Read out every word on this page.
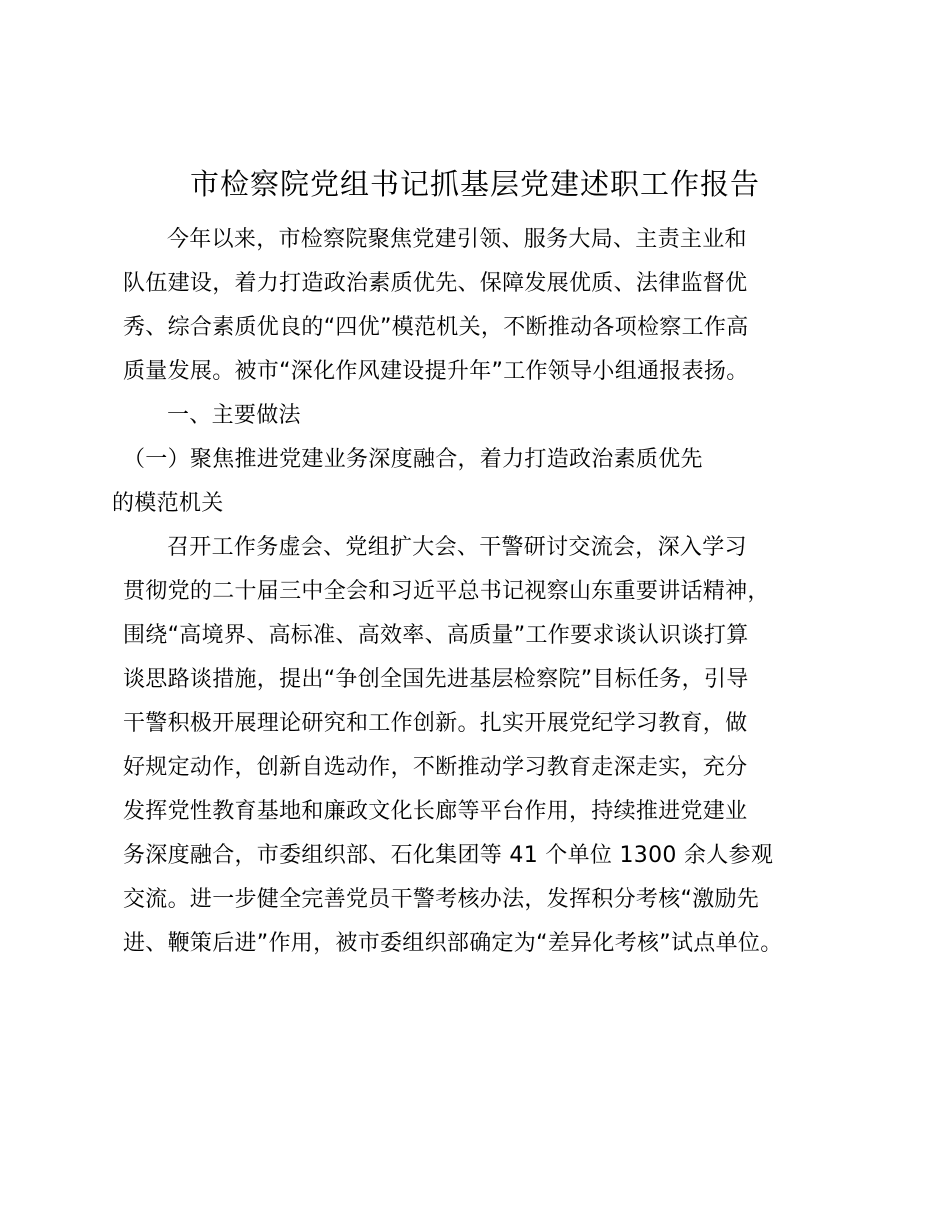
市检察院党组书记抓基层党建述职工作报告

今年以来，市检察院聚焦党建引领、服务大局、主责主业和
队伍建设，着力打造政治素质优先、保障发展优质、法律监督优
秀、综合素质优良的“四优”模范机关，不断推动各项检察工作高
质量发展。被市“深化作风建设提升年”工作领导小组通报表扬。

一、主要做法

（一）聚焦推进党建业务深度融合，着力打造政治素质优先
的模范机关

召开工作务虚会、党组扩大会、干警研讨交流会，深入学习
贯彻党的二十届三中全会和习近平总书记视察山东重要讲话精神，
围绕“高境界、高标准、高效率、高质量”工作要求谈认识谈打算
谈思路谈措施，提出“争创全国先进基层检察院”目标任务，引导
干警积极开展理论研究和工作创新。扎实开展党纪学习教育，做
好规定动作，创新自选动作，不断推动学习教育走深走实，充分
发挥党性教育基地和廉政文化长廊等平台作用，持续推进党建业
务深度融合，市委组织部、石化集团等 41 个单位 1300 余人参观
交流。进一步健全完善党员干警考核办法，发挥积分考核“激励先
进、鞭策后进”作用，被市委组织部确定为“差异化考核”试点单位。
